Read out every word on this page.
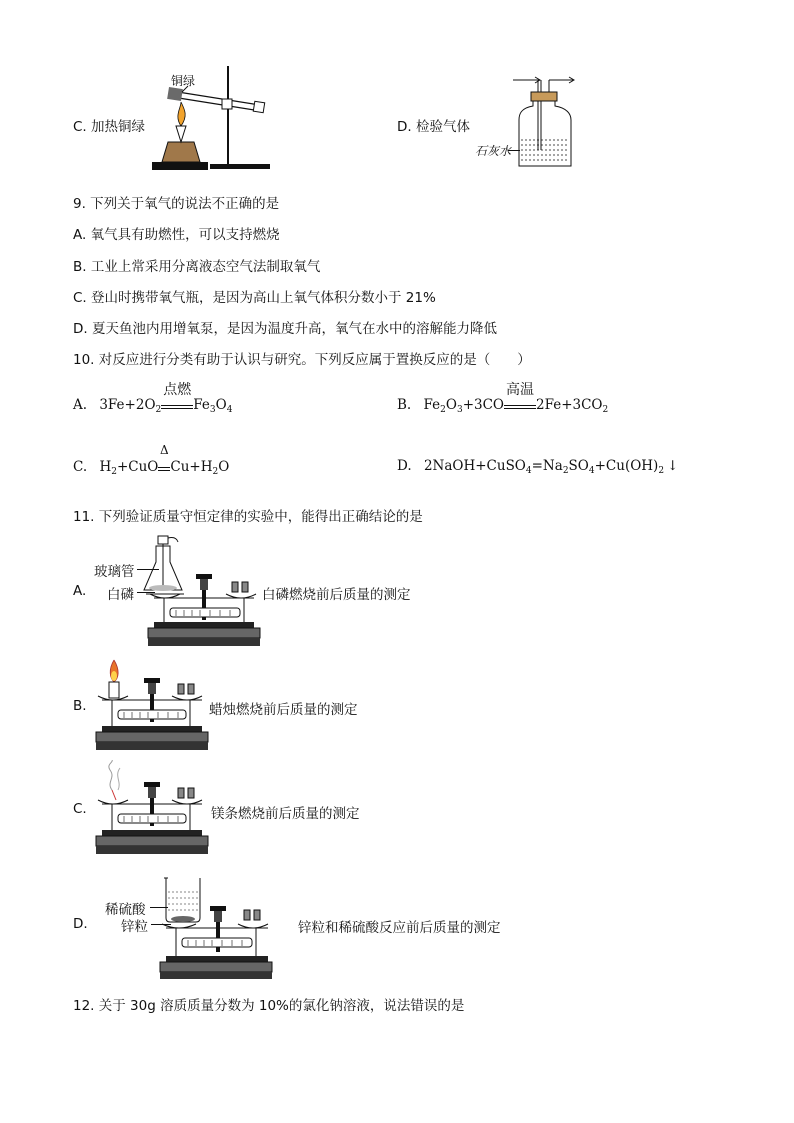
C. 加热铜绿
铜绿
D. 检验气体
石灰水
9. 下列关于氧气的说法不正确的是
A. 氧气具有助燃性，可以支持燃烧
B. 工业上常采用分离液态空气法制取氧气
C. 登山时携带氧气瓶，是因为高山上氧气体积分数小于 21%
D. 夏天鱼池内用增氧泵，是因为温度升高，氧气在水中的溶解能力降低
10. 对反应进行分类有助于认识与研究。下列反应属于置换反应的是（　　）
A. $3Fe+2O_2$
点燃
$Fe_3O_4$	B. $Fe_2O_3+3CO$
高温
$2Fe+3CO_2$
C. $H_2+CuO$
Δ
$Cu+H_2O$	D. $2NaOH+CuSO_4=Na_2SO_4+Cu(OH)_2$ ↓
11. 下列验证质量守恒定律的实验中，能得出正确结论的是
A.
玻璃管
白磷	白磷燃烧前后质量的测定
B.	蜡烛燃烧前后质量的测定
C.	镁条燃烧前后质量的测定
D.
稀硫酸
锌粒	锌粒和稀硫酸反应前后质量的测定
12. 关于 30g 溶质质量分数为 10%的氯化钠溶液，说法错误的是
